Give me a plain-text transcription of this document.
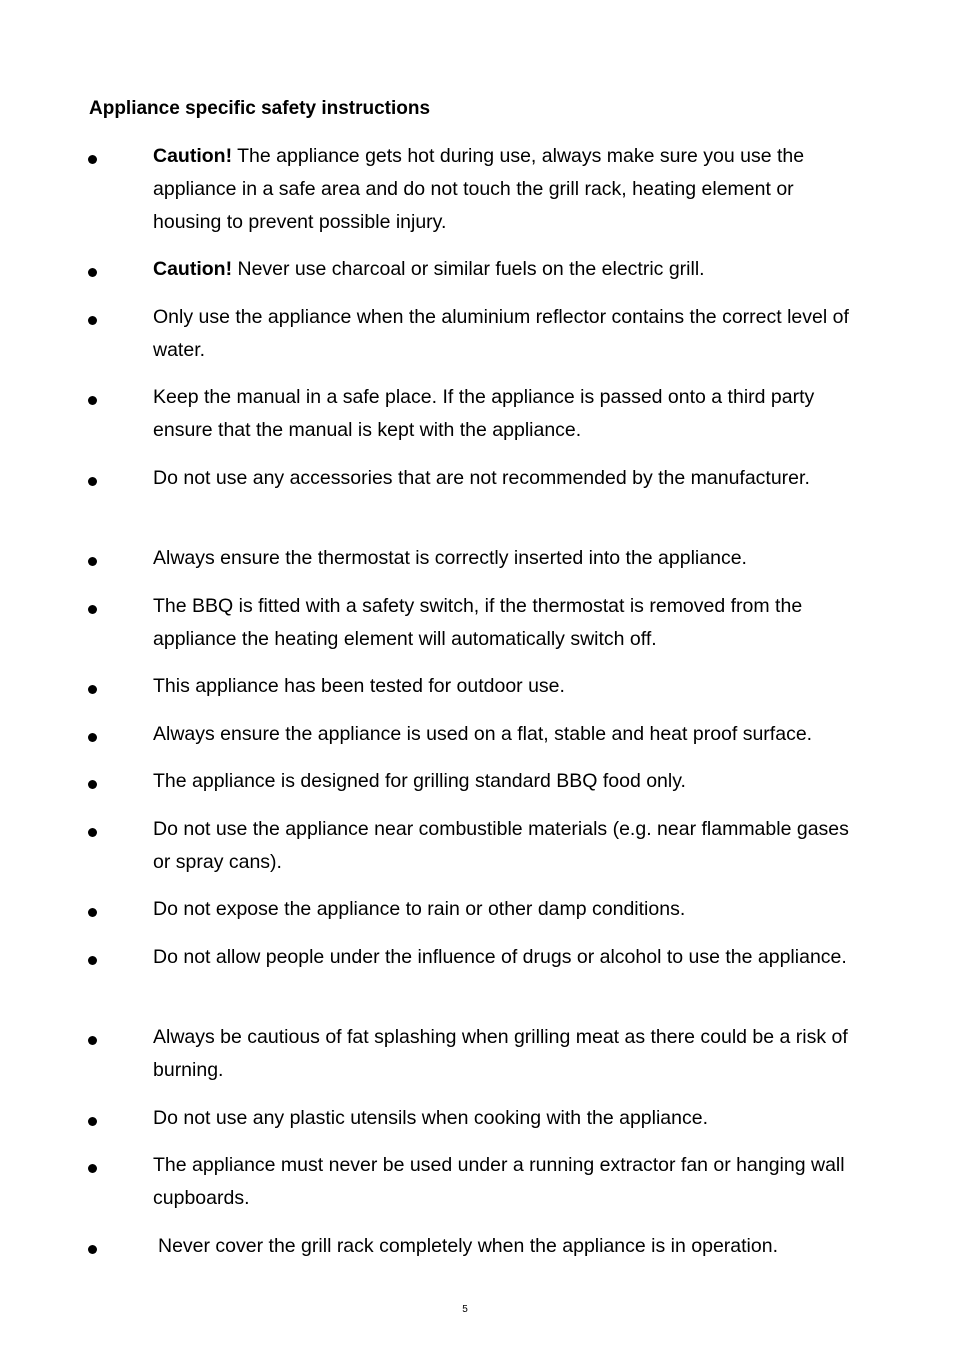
Appliance specific safety instructions
Caution! The appliance gets hot during use, always make sure you use the appliance in a safe area and do not touch the grill rack, heating element or housing to prevent possible injury.
Caution! Never use charcoal or similar fuels on the electric grill.
Only use the appliance when the aluminium reflector contains the correct level of water.
Keep the manual in a safe place. If the appliance is passed onto a third party ensure that the manual is kept with the appliance.
Do not use any accessories that are not recommended by the manufacturer.
Always ensure the thermostat is correctly inserted into the appliance.
The BBQ is fitted with a safety switch, if the thermostat is removed from the appliance the heating element will automatically switch off.
This appliance has been tested for outdoor use.
Always ensure the appliance is used on a flat, stable and heat proof surface.
The appliance is designed for grilling standard BBQ food only.
Do not use the appliance near combustible materials (e.g. near flammable gases or spray cans).
Do not expose the appliance to rain or other damp conditions.
Do not allow people under the influence of drugs or alcohol to use the appliance.
Always be cautious of fat splashing when grilling meat as there could be a risk of burning.
Do not use any plastic utensils when cooking with the appliance.
The appliance must never be used under a running extractor fan or hanging wall cupboards.
Never cover the grill rack completely when the appliance is in operation.
5
